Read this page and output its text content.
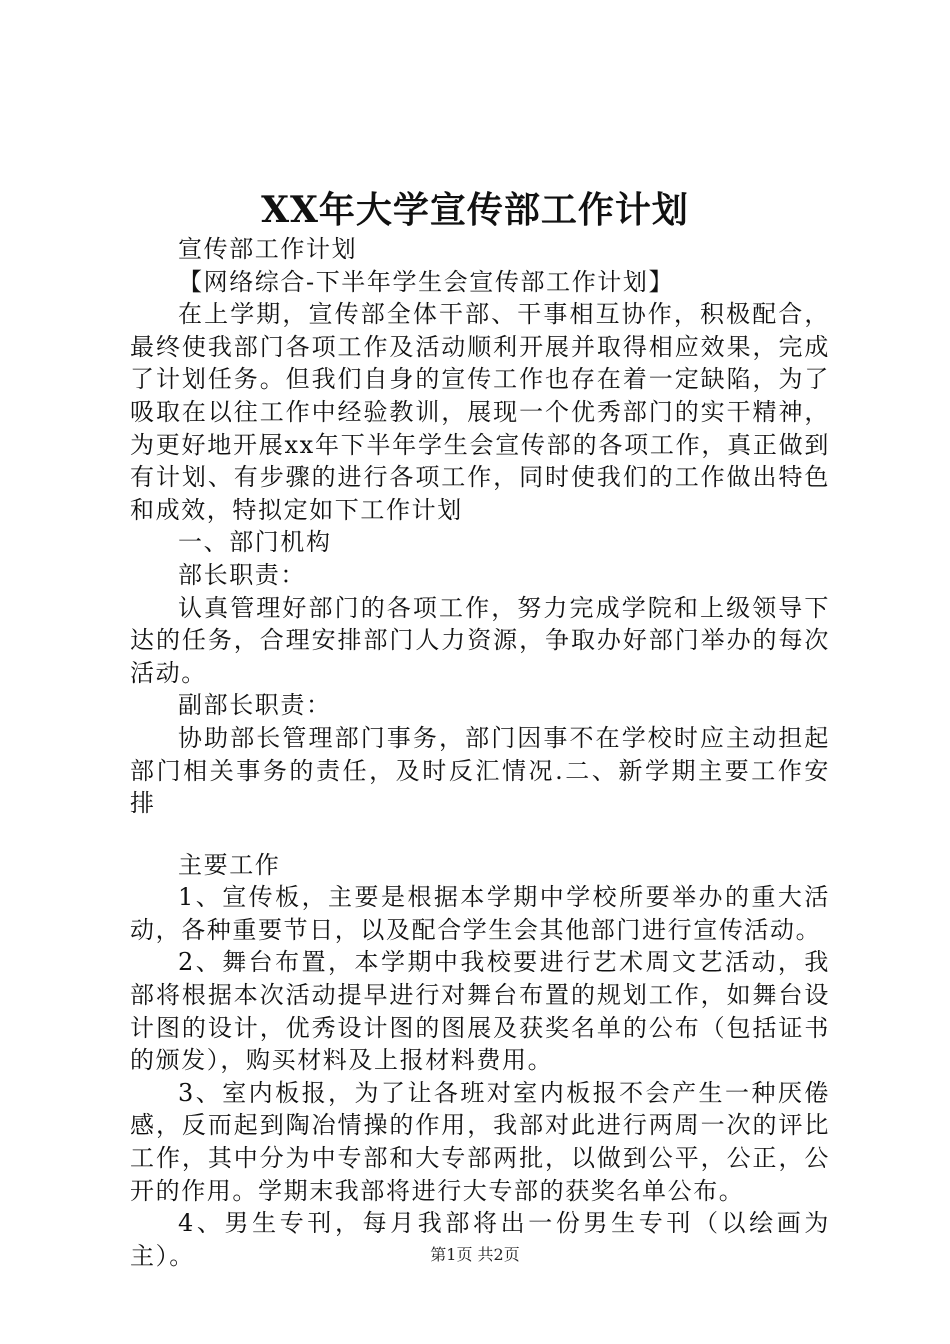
XX年大学宣传部工作计划

宣传部工作计划

【网络综合-下半年学生会宣传部工作计划】

在上学期，宣传部全体干部、干事相互协作，积极配合，最终使我部门各项工作及活动顺利开展并取得相应效果，完成了计划任务。但我们自身的宣传工作也存在着一定缺陷，为了吸取在以往工作中经验教训，展现一个优秀部门的实干精神，为更好地开展xx年下半年学生会宣传部的各项工作，真正做到有计划、有步骤的进行各项工作，同时使我们的工作做出特色和成效，特拟定如下工作计划

一、部门机构

部长职责：

认真管理好部门的各项工作，努力完成学院和上级领导下达的任务，合理安排部门人力资源，争取办好部门举办的每次活动。

副部长职责：

协助部长管理部门事务，部门因事不在学校时应主动担起部门相关事务的责任，及时反汇情况.二、新学期主要工作安排

主要工作

1、宣传板，主要是根据本学期中学校所要举办的重大活动，各种重要节日，以及配合学生会其他部门进行宣传活动。

2、舞台布置，本学期中我校要进行艺术周文艺活动，我部将根据本次活动提早进行对舞台布置的规划工作，如舞台设计图的设计，优秀设计图的图展及获奖名单的公布（包括证书的颁发），购买材料及上报材料费用。

3、室内板报，为了让各班对室内板报不会产生一种厌倦感，反而起到陶冶情操的作用，我部对此进行两周一次的评比工作，其中分为中专部和大专部两批，以做到公平，公正，公开的作用。学期末我部将进行大专部的获奖名单公布。

4、男生专刊，每月我部将出一份男生专刊（以绘画为主）。	第1页 共2页
